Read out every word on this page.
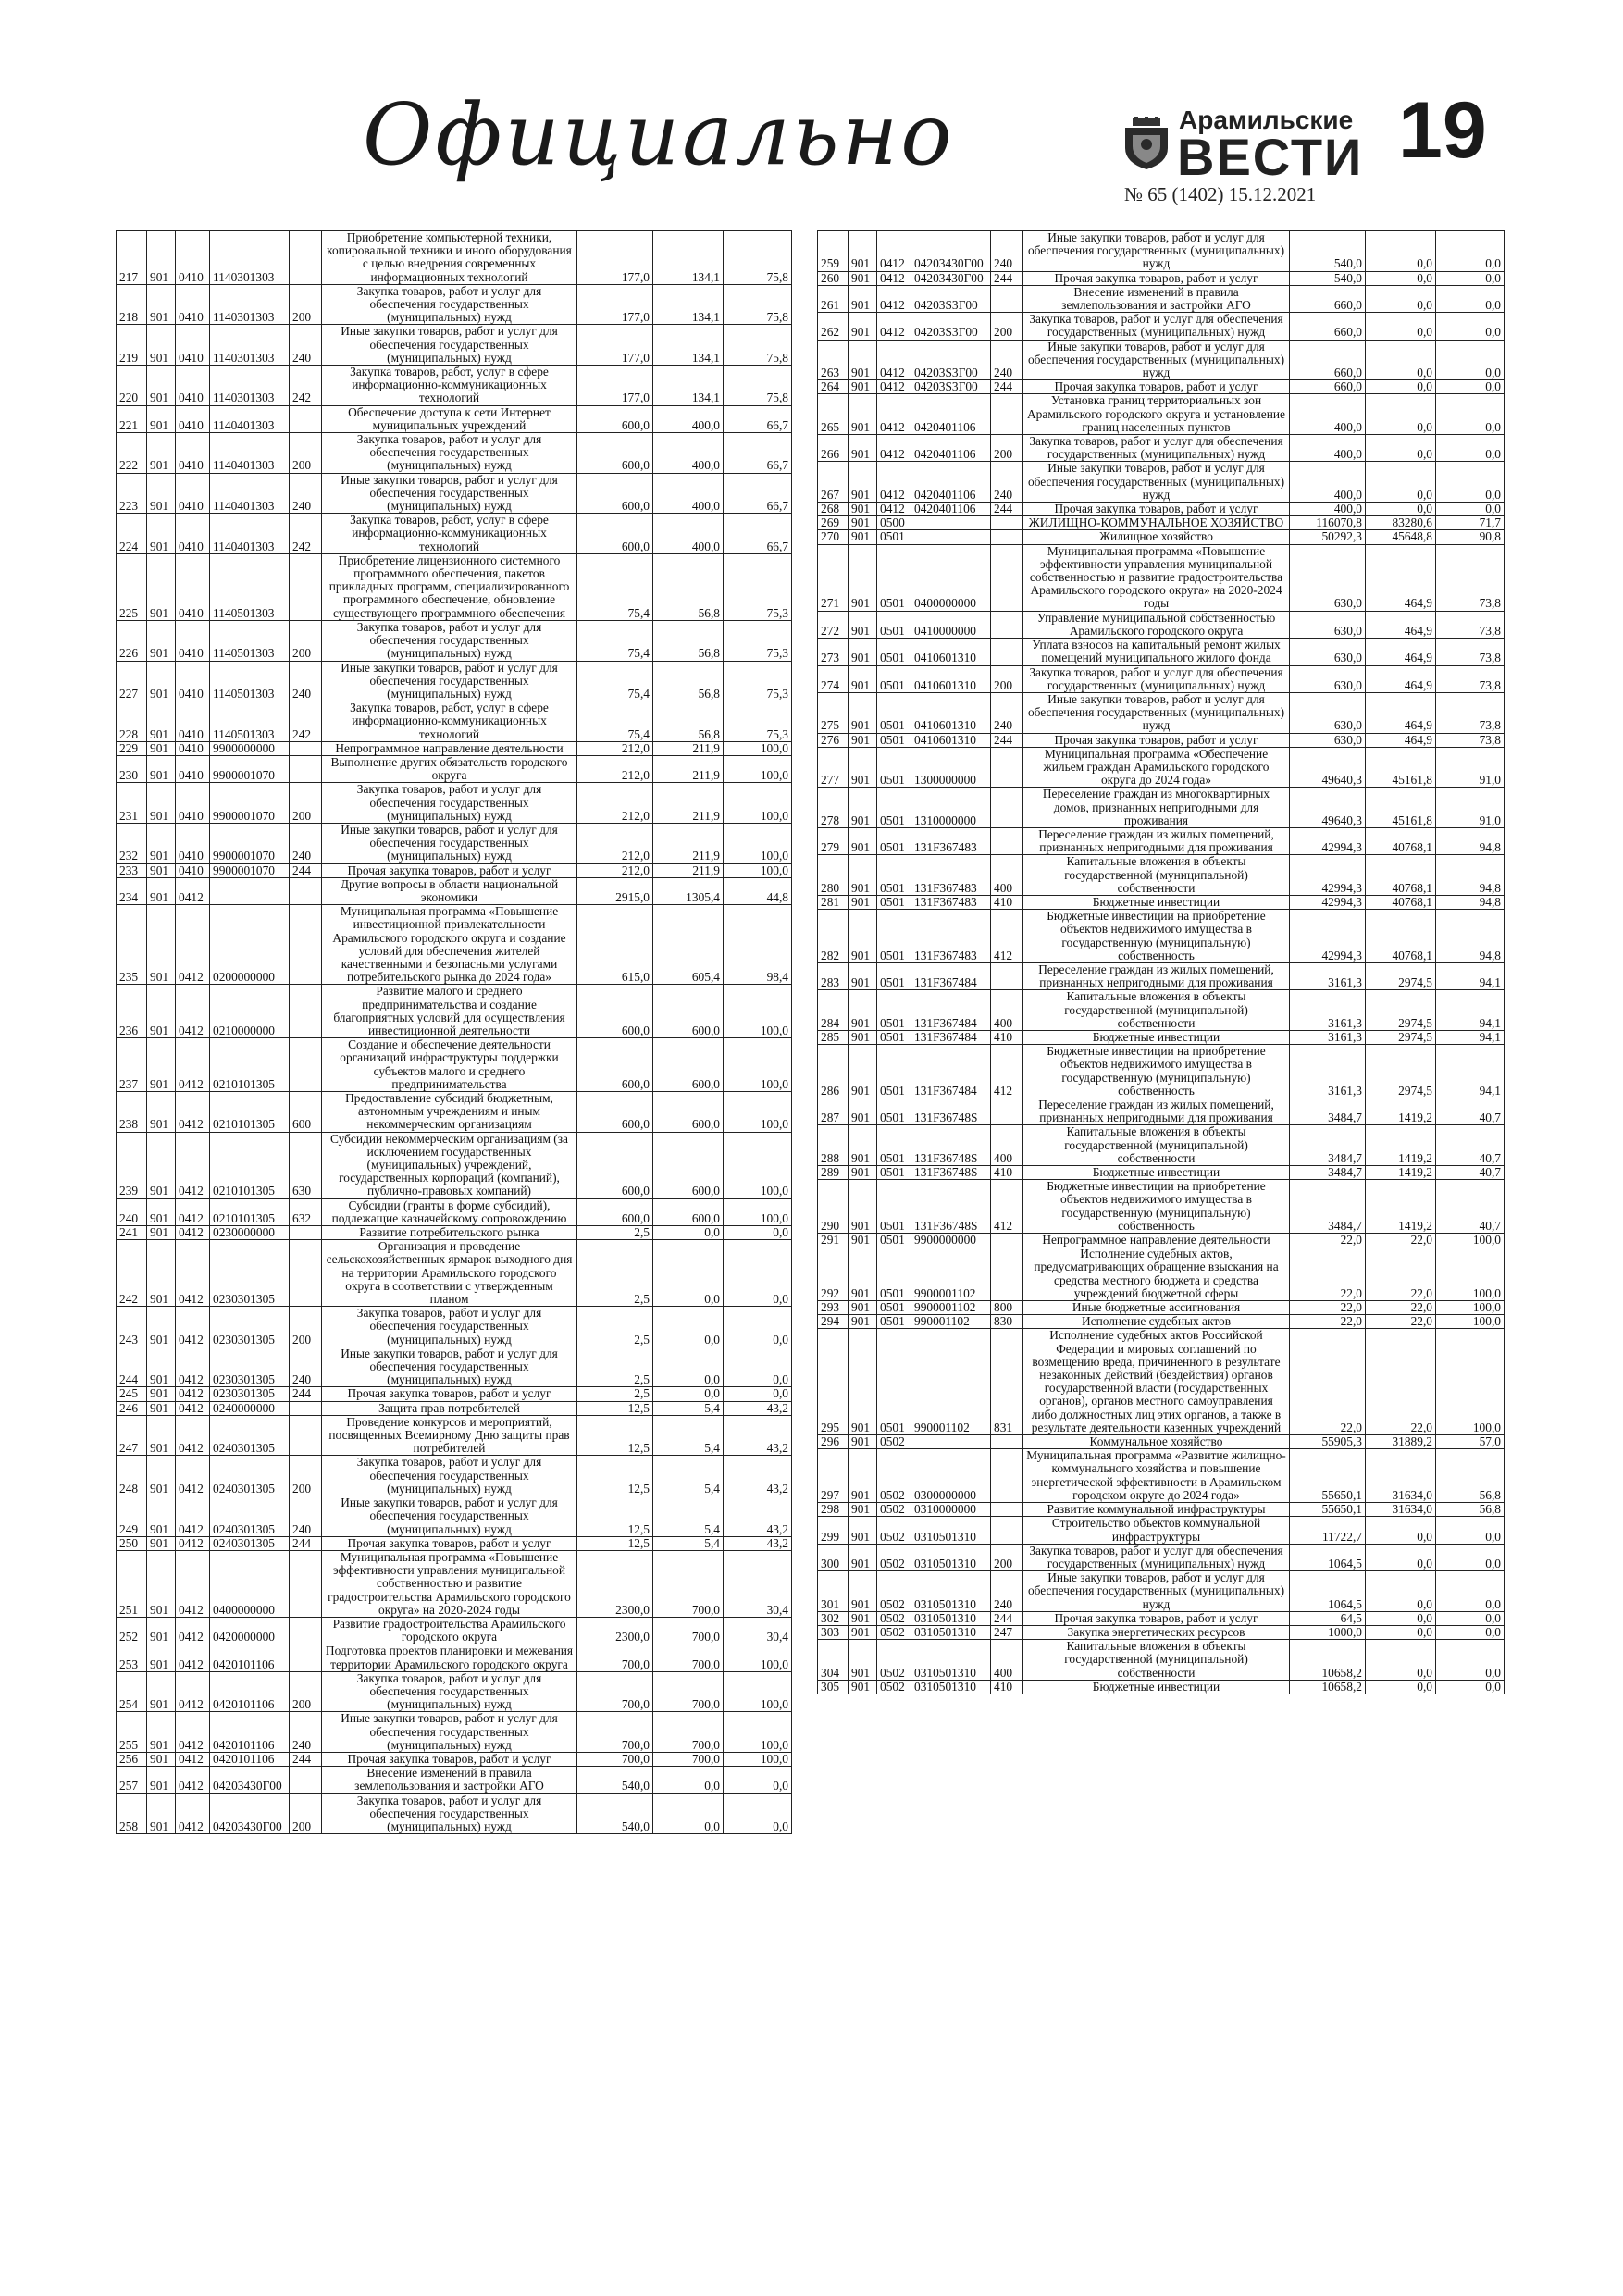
Официально	Арамильские
ВЕСТИ 19
№ 65 (1402) 15.12.2021
217	901	0410	1140301303		Приобретение компьютерной техники, копировальной техники и иного оборудования с целью внедрения современных информационных технологий	177,0	134,1	75,8
218	901	0410	1140301303	200	Закупка товаров, работ и услуг для обеспечения государственных (муниципальных) нужд	177,0	134,1	75,8
219	901	0410	1140301303	240	Иные закупки товаров, работ и услуг для обеспечения государственных (муниципальных) нужд	177,0	134,1	75,8
220	901	0410	1140301303	242	Закупка товаров, работ, услуг в сфере информационно-коммуникационных технологий	177,0	134,1	75,8
221	901	0410	1140401303		Обеспечение доступа к сети Интернет муниципальных учреждений	600,0	400,0	66,7
222	901	0410	1140401303	200	Закупка товаров, работ и услуг для обеспечения государственных (муниципальных) нужд	600,0	400,0	66,7
223	901	0410	1140401303	240	Иные закупки товаров, работ и услуг для обеспечения государственных (муниципальных) нужд	600,0	400,0	66,7
224	901	0410	1140401303	242	Закупка товаров, работ, услуг в сфере информационно-коммуникационных технологий	600,0	400,0	66,7
225	901	0410	1140501303		Приобретение лицензионного системного программного обеспечения, пакетов прикладных программ, специализированного программного обеспечение, обновление существующего программного обеспечения	75,4	56,8	75,3
226	901	0410	1140501303	200	Закупка товаров, работ и услуг для обеспечения государственных (муниципальных) нужд	75,4	56,8	75,3
227	901	0410	1140501303	240	Иные закупки товаров, работ и услуг для обеспечения государственных (муниципальных) нужд	75,4	56,8	75,3
228	901	0410	1140501303	242	Закупка товаров, работ, услуг в сфере информационно-коммуникационных технологий	75,4	56,8	75,3
229	901	0410	9900000000		Непрограммное направление деятельности	212,0	211,9	100,0
230	901	0410	9900001070		Выполнение других обязательств городского округа	212,0	211,9	100,0
231	901	0410	9900001070	200	Закупка товаров, работ и услуг для обеспечения государственных (муниципальных) нужд	212,0	211,9	100,0
232	901	0410	9900001070	240	Иные закупки товаров, работ и услуг для обеспечения государственных (муниципальных) нужд	212,0	211,9	100,0
233	901	0410	9900001070	244	Прочая закупка товаров, работ и услуг	212,0	211,9	100,0
234	901	0412			Другие вопросы в области национальной экономики	2915,0	1305,4	44,8
235	901	0412	0200000000		Муниципальная программа «Повышение инвестиционной привлекательности Арамильского городского округа и создание условий для обеспечения жителей качественными и безопасными услугами потребительского рынка до 2024 года»	615,0	605,4	98,4
236	901	0412	0210000000		Развитие малого и среднего предпринимательства и создание благоприятных условий для осуществления инвестиционной деятельности	600,0	600,0	100,0
237	901	0412	0210101305		Создание и обеспечение деятельности организаций инфраструктуры поддержки субъектов малого и среднего предпринимательства	600,0	600,0	100,0
238	901	0412	0210101305	600	Предоставление субсидий бюджетным, автономным учреждениям и иным некоммерческим организациям	600,0	600,0	100,0
239	901	0412	0210101305	630	Субсидии некоммерческим организациям (за исключением государственных (муниципальных) учреждений, государственных корпораций (компаний), публично-правовых компаний)	600,0	600,0	100,0
240	901	0412	0210101305	632	Субсидии (гранты в форме субсидий), подлежащие казначейскому сопровождению	600,0	600,0	100,0
241	901	0412	0230000000		Развитие потребительского рынка	2,5	0,0	0,0
242	901	0412	0230301305		Организация и проведение сельскохозяйственных ярмарок выходного дня на территории Арамильского городского округа в соответствии с утвержденным планом	2,5	0,0	0,0
243	901	0412	0230301305	200	Закупка товаров, работ и услуг для обеспечения государственных (муниципальных) нужд	2,5	0,0	0,0
244	901	0412	0230301305	240	Иные закупки товаров, работ и услуг для обеспечения государственных (муниципальных) нужд	2,5	0,0	0,0
245	901	0412	0230301305	244	Прочая закупка товаров, работ и услуг	2,5	0,0	0,0
246	901	0412	0240000000		Защита прав потребителей	12,5	5,4	43,2
247	901	0412	0240301305		Проведение конкурсов и мероприятий, посвященных Всемирному Дню защиты прав потребителей	12,5	5,4	43,2
248	901	0412	0240301305	200	Закупка товаров, работ и услуг для обеспечения государственных (муниципальных) нужд	12,5	5,4	43,2
249	901	0412	0240301305	240	Иные закупки товаров, работ и услуг для обеспечения государственных (муниципальных) нужд	12,5	5,4	43,2
250	901	0412	0240301305	244	Прочая закупка товаров, работ и услуг	12,5	5,4	43,2
251	901	0412	0400000000		Муниципальная программа «Повышение эффективности управления муниципальной собственностью и развитие градостроительства Арамильского городского округа» на 2020-2024 годы	2300,0	700,0	30,4
252	901	0412	0420000000		Развитие градостроительства Арамильского городского округа	2300,0	700,0	30,4
253	901	0412	0420101106		Подготовка проектов планировки и межевания территории Арамильского городского округа	700,0	700,0	100,0
254	901	0412	0420101106	200	Закупка товаров, работ и услуг для обеспечения государственных (муниципальных) нужд	700,0	700,0	100,0
255	901	0412	0420101106	240	Иные закупки товаров, работ и услуг для обеспечения государственных (муниципальных) нужд	700,0	700,0	100,0
256	901	0412	0420101106	244	Прочая закупка товаров, работ и услуг	700,0	700,0	100,0
257	901	0412	04203430Г00		Внесение изменений в правила землепользования и застройки АГО	540,0	0,0	0,0
258	901	0412	04203430Г00	200	Закупка товаров, работ и услуг для обеспечения государственных (муниципальных) нужд	540,0	0,0	0,0
259	901	0412	04203430Г00	240	Иные закупки товаров, работ и услуг для обеспечения государственных (муниципальных) нужд	540,0	0,0	0,0
260	901	0412	04203430Г00	244	Прочая закупка товаров, работ и услуг	540,0	0,0	0,0
261	901	0412	04203S3Г00		Внесение изменений в правила землепользования и застройки АГО	660,0	0,0	0,0
262	901	0412	04203S3Г00	200	Закупка товаров, работ и услуг для обеспечения государственных (муниципальных) нужд	660,0	0,0	0,0
263	901	0412	04203S3Г00	240	Иные закупки товаров, работ и услуг для обеспечения государственных (муниципальных) нужд	660,0	0,0	0,0
264	901	0412	04203S3Г00	244	Прочая закупка товаров, работ и услуг	660,0	0,0	0,0
265	901	0412	0420401106		Установка границ территориальных зон Арамильского городского округа и установление границ населенных пунктов	400,0	0,0	0,0
266	901	0412	0420401106	200	Закупка товаров, работ и услуг для обеспечения государственных (муниципальных) нужд	400,0	0,0	0,0
267	901	0412	0420401106	240	Иные закупки товаров, работ и услуг для обеспечения государственных (муниципальных) нужд	400,0	0,0	0,0
268	901	0412	0420401106	244	Прочая закупка товаров, работ и услуг	400,0	0,0	0,0
269	901	0500			ЖИЛИЩНО-КОММУНАЛЬНОЕ ХОЗЯЙСТВО	116070,8	83280,6	71,7
270	901	0501			Жилищное хозяйство	50292,3	45648,8	90,8
271	901	0501	0400000000		Муниципальная программа «Повышение эффективности управления муниципальной собственностью и развитие градостроительства Арамильского городского округа» на 2020-2024 годы	630,0	464,9	73,8
272	901	0501	0410000000		Управление муниципальной собственностью Арамильского городского округа	630,0	464,9	73,8
273	901	0501	0410601310		Уплата взносов на капитальный ремонт жилых помещений муниципального жилого фонда	630,0	464,9	73,8
274	901	0501	0410601310	200	Закупка товаров, работ и услуг для обеспечения государственных (муниципальных) нужд	630,0	464,9	73,8
275	901	0501	0410601310	240	Иные закупки товаров, работ и услуг для обеспечения государственных (муниципальных) нужд	630,0	464,9	73,8
276	901	0501	0410601310	244	Прочая закупка товаров, работ и услуг	630,0	464,9	73,8
277	901	0501	1300000000		Муниципальная программа «Обеспечение жильем граждан Арамильского городского округа до 2024 года»	49640,3	45161,8	91,0
278	901	0501	1310000000		Переселение граждан из многоквартирных домов, признанных непригодными для проживания	49640,3	45161,8	91,0
279	901	0501	131F367483		Переселение граждан из жилых помещений, признанных непригодными для проживания	42994,3	40768,1	94,8
280	901	0501	131F367483	400	Капитальные вложения в объекты государственной (муниципальной) собственности	42994,3	40768,1	94,8
281	901	0501	131F367483	410	Бюджетные инвестиции	42994,3	40768,1	94,8
282	901	0501	131F367483	412	Бюджетные инвестиции на приобретение объектов недвижимого имущества в государственную (муниципальную) собственность	42994,3	40768,1	94,8
283	901	0501	131F367484		Переселение граждан из жилых помещений, признанных непригодными для проживания	3161,3	2974,5	94,1
284	901	0501	131F367484	400	Капитальные вложения в объекты государственной (муниципальной) собственности	3161,3	2974,5	94,1
285	901	0501	131F367484	410	Бюджетные инвестиции	3161,3	2974,5	94,1
286	901	0501	131F367484	412	Бюджетные инвестиции на приобретение объектов недвижимого имущества в государственную (муниципальную) собственность	3161,3	2974,5	94,1
287	901	0501	131F36748S		Переселение граждан из жилых помещений, признанных непригодными для проживания	3484,7	1419,2	40,7
288	901	0501	131F36748S	400	Капитальные вложения в объекты государственной (муниципальной) собственности	3484,7	1419,2	40,7
289	901	0501	131F36748S	410	Бюджетные инвестиции	3484,7	1419,2	40,7
290	901	0501	131F36748S	412	Бюджетные инвестиции на приобретение объектов недвижимого имущества в государственную (муниципальную) собственность	3484,7	1419,2	40,7
291	901	0501	9900000000		Непрограммное направление деятельности	22,0	22,0	100,0
292	901	0501	9900001102		Исполнение судебных актов, предусматривающих обращение взыскания на средства местного бюджета и средства учреждений бюджетной сферы	22,0	22,0	100,0
293	901	0501	9900001102	800	Иные бюджетные ассигнования	22,0	22,0	100,0
294	901	0501	990001102	830	Исполнение судебных актов	22,0	22,0	100,0
295	901	0501	990001102	831	Исполнение судебных актов Российской Федерации и мировых соглашений по возмещению вреда, причиненного в результате незаконных действий (бездействия) органов государственной власти (государственных органов), органов местного самоуправления либо должностных лиц этих органов, а также в результате деятельности казенных учреждений	22,0	22,0	100,0
296	901	0502			Коммунальное хозяйство	55905,3	31889,2	57,0
297	901	0502	0300000000		Муниципальная программа «Развитие жилищно-коммунального хозяйства и повышение энергетической эффективности в Арамильском городском округе до 2024 года»	55650,1	31634,0	56,8
298	901	0502	0310000000		Развитие коммунальной инфраструктуры	55650,1	31634,0	56,8
299	901	0502	0310501310		Строительство объектов коммунальной инфраструктуры	11722,7	0,0	0,0
300	901	0502	0310501310	200	Закупка товаров, работ и услуг для обеспечения государственных (муниципальных) нужд	1064,5	0,0	0,0
301	901	0502	0310501310	240	Иные закупки товаров, работ и услуг для обеспечения государственных (муниципальных) нужд	1064,5	0,0	0,0
302	901	0502	0310501310	244	Прочая закупка товаров, работ и услуг	64,5	0,0	0,0
303	901	0502	0310501310	247	Закупка энергетических ресурсов	1000,0	0,0	0,0
304	901	0502	0310501310	400	Капитальные вложения в объекты государственной (муниципальной) собственности	10658,2	0,0	0,0
305	901	0502	0310501310	410	Бюджетные инвестиции	10658,2	0,0	0,0
